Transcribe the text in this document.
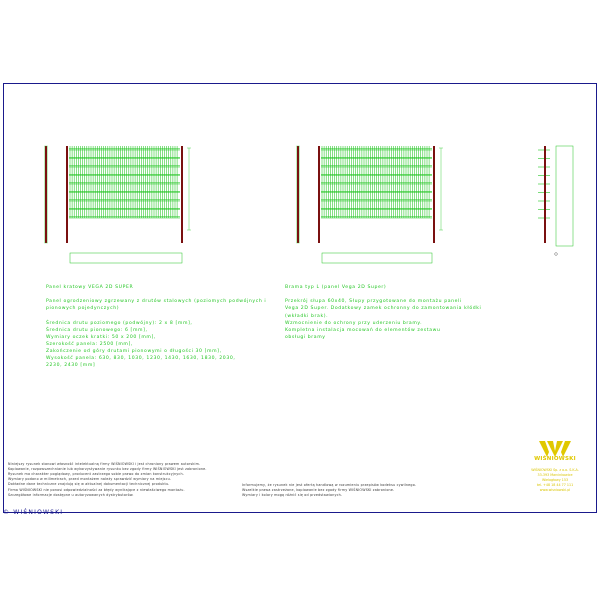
Panel kratowy VEGA 2D SUPER

Panel ogrodzeniowy zgrzewany z drutów stalowych (poziomych podwójnych i
pionowych pojedynczych)

Średnica drutu poziomego (podwójny): 2 x 8 [mm],
Średnica drutu pionowego: 6 [mm],
Wymiary oczek kratki: 50 x 200 [mm],
Szerokość panela: 2500 [mm],
Zakończenie od góry drutami pionowymi o długości 30 [mm],
Wysokość panela: 630, 830, 1030, 1230, 1430, 1630, 1830, 2030,
2230, 2430 [mm]

Brama typ L (panel Vega 2D Super)

Przekrój słupa 60x40, Słupy przygotowane do montażu paneli
Vega 2D Super. Dodatkowy zamek ochronny do zamontowania kłódki
(wkładki brak).
Wzmocnienie do ochrony przy uderzeniu bramy.
Kompletna instalacja mocowań do elementów zestawu
obsługi bramy

Niniejszy rysunek stanowi własność intelektualną firmy WIŚNIOWSKI i jest chroniony prawem autorskim.
Kopiowanie, rozpowszechnianie lub wykorzystywanie rysunku bez zgody firmy WIŚNIOWSKI jest zabronione.
Rysunek ma charakter poglądowy, producent zastrzega sobie prawo do zmian konstrukcyjnych.
Wymiary podano w milimetrach, przed montażem należy sprawdzić wymiary na miejscu.
Dokładne dane techniczne znajdują się w aktualnej dokumentacji technicznej produktu.
Firma WIŚNIOWSKI nie ponosi odpowiedzialności za błędy wynikające z niewłaściwego montażu.
Szczegółowe informacje dostępne u autoryzowanych dystrybutorów.
Informujemy, że rysunek nie jest ofertą handlową w rozumieniu przepisów kodeksu cywilnego.
Wszelkie prawa zastrzeżone, kopiowanie bez zgody firmy WIŚNIOWSKI zabronione.
Wymiary i kolory mogą różnić się od przedstawionych.
WIŚNIOWSKI
WIŚNIOWSKI Sp. z o.o. S.K.A.
33-393 Marcinkowice
Wielogłowy 153
tel. +48 18 44 77 111
www.wisniowski.pl
© WIŚNIOWSKI
